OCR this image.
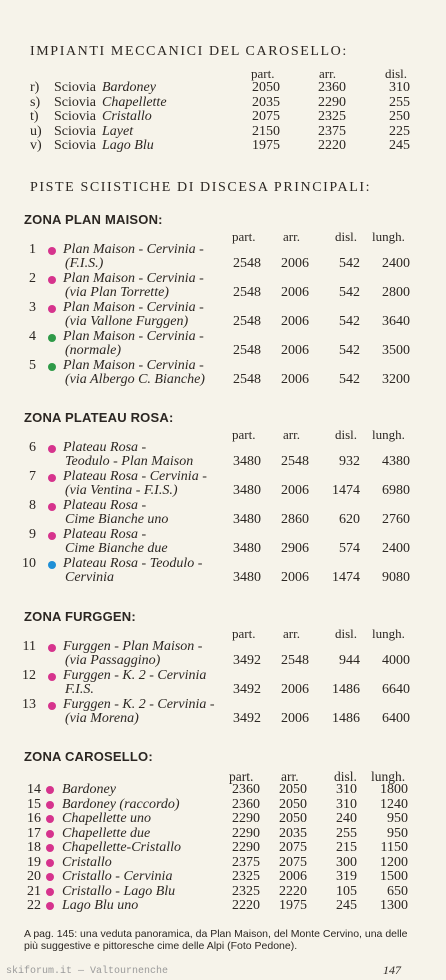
IMPIANTI MECCANICI DEL CAROSELLO:
part.	arr.	disl.
r) Sciovia Bardoney	2050	2360	310
s) Sciovia Chapellette	2035	2290	255
t) Sciovia Cristallo	2075	2325	250
u) Sciovia Layet	2150	2375	225
v) Sciovia Lago Blu	1975	2220	245
PISTE SCIISTICHE DI DISCESA PRINCIPALI:
ZONA PLAN MAISON:
part. arr.	disl. lungh.
1 Plan Maison - Cervinia -
(F.I.S.)	2548 2006 542 2400
2 Plan Maison - Cervinia -
(via Plan Torrette)	2548 2006 542 2800
3 Plan Maison - Cervinia -
(via Vallone Furggen)	2548 2006 542 3640
4 Plan Maison - Cervinia -
(normale)	2548 2006 542 3500
5 Plan Maison - Cervinia -
(via Albergo C. Bianche) 2548 2006 542 3200
ZONA PLATEAU ROSA:
part. arr.	disl. lungh.
6 Plateau Rosa -
Teodulo - Plan Maison	3480 2548 932 4380
7 Plateau Rosa - Cervinia -
(via Ventina - F.I.S.)	3480 2006 1474 6980
8 Plateau Rosa -
Cime Bianche uno	3480 2860 620 2760
9 Plateau Rosa -
Cime Bianche due	3480 2906 574 2400
10 Plateau Rosa - Teodulo -
Cervinia	3480 2006 1474 9080
ZONA FURGGEN:
part. arr.	disl. lungh.
11 Furggen - Plan Maison -
(via Passaggino)	3492 2548 944 4000
12 Furggen - K. 2 - Cervinia
F.I.S.	3492 2006 1486 6640
13 Furggen - K. 2 - Cervinia -
(via Morena)	3492 2006 1486 6400
ZONA CAROSELLO:
part. arr.	disl. lungh.
14 Bardoney	2360 2050 310 1800
15 Bardoney (raccordo)	2360 2050 310 1240
16 Chapellette uno	2290 2050 240 950
17 Chapellette due	2290 2035 255 950
18 Chapellette-Cristallo	2290 2075 215 1150
19 Cristallo	2375 2075 300 1200
20 Cristallo - Cervinia	2325 2006 319 1500
21 Cristallo - Lago Blu	2325 2220 105 650
22 Lago Blu uno	2220 1975 245 1300
A pag. 145: una veduta panoramica, da Plan Maison, del Monte Cervino, una delle più suggestive e pittoresche cime delle Alpi (Foto Pedone).
skiforum.it — Valtournenche	147
